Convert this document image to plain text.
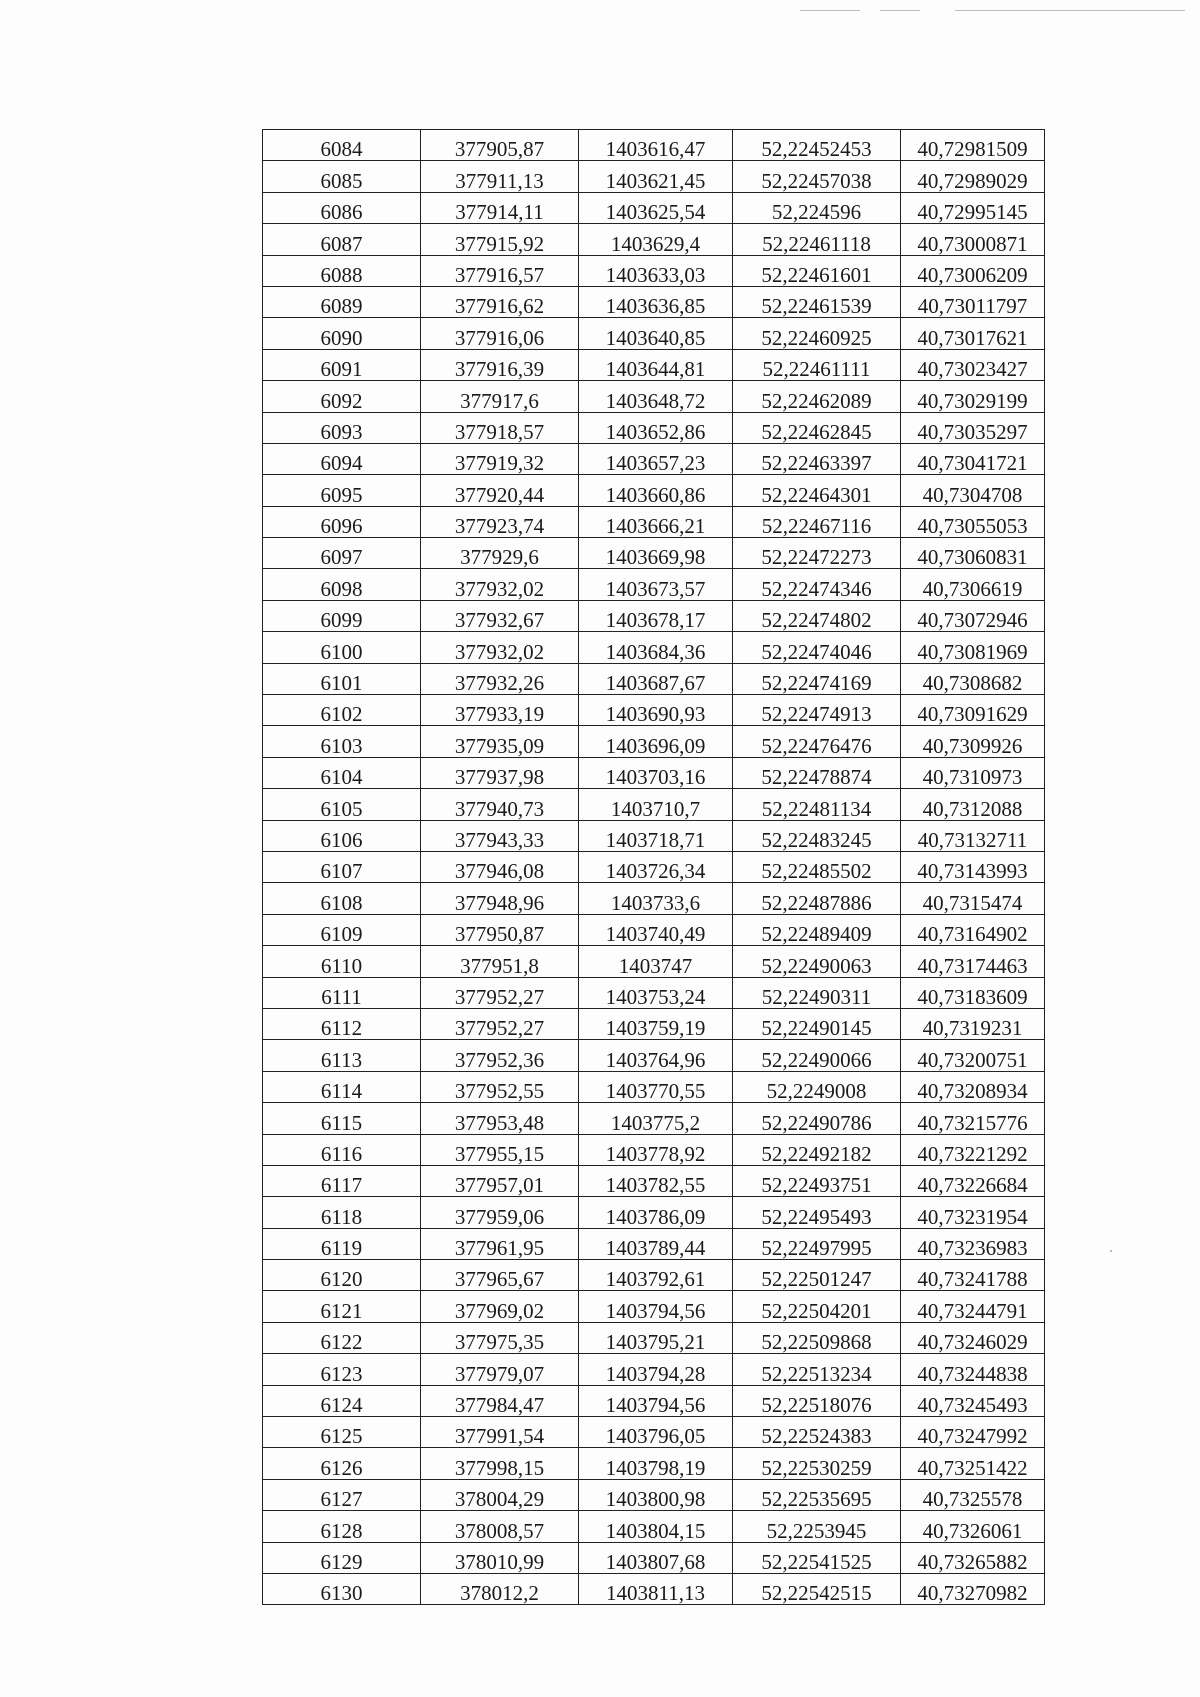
6084	377905,87	1403616,47	52,22452453	40,72981509
6085	377911,13	1403621,45	52,22457038	40,72989029
6086	377914,11	1403625,54	52,224596	40,72995145
6087	377915,92	1403629,4	52,22461118	40,73000871
6088	377916,57	1403633,03	52,22461601	40,73006209
6089	377916,62	1403636,85	52,22461539	40,73011797
6090	377916,06	1403640,85	52,22460925	40,73017621
6091	377916,39	1403644,81	52,22461111	40,73023427
6092	377917,6	1403648,72	52,22462089	40,73029199
6093	377918,57	1403652,86	52,22462845	40,73035297
6094	377919,32	1403657,23	52,22463397	40,73041721
6095	377920,44	1403660,86	52,22464301	40,7304708
6096	377923,74	1403666,21	52,22467116	40,73055053
6097	377929,6	1403669,98	52,22472273	40,73060831
6098	377932,02	1403673,57	52,22474346	40,7306619
6099	377932,67	1403678,17	52,22474802	40,73072946
6100	377932,02	1403684,36	52,22474046	40,73081969
6101	377932,26	1403687,67	52,22474169	40,7308682
6102	377933,19	1403690,93	52,22474913	40,73091629
6103	377935,09	1403696,09	52,22476476	40,7309926
6104	377937,98	1403703,16	52,22478874	40,7310973
6105	377940,73	1403710,7	52,22481134	40,7312088
6106	377943,33	1403718,71	52,22483245	40,73132711
6107	377946,08	1403726,34	52,22485502	40,73143993
6108	377948,96	1403733,6	52,22487886	40,7315474
6109	377950,87	1403740,49	52,22489409	40,73164902
6110	377951,8	1403747	52,22490063	40,73174463
6111	377952,27	1403753,24	52,22490311	40,73183609
6112	377952,27	1403759,19	52,22490145	40,7319231
6113	377952,36	1403764,96	52,22490066	40,73200751
6114	377952,55	1403770,55	52,2249008	40,73208934
6115	377953,48	1403775,2	52,22490786	40,73215776
6116	377955,15	1403778,92	52,22492182	40,73221292
6117	377957,01	1403782,55	52,22493751	40,73226684
6118	377959,06	1403786,09	52,22495493	40,73231954
6119	377961,95	1403789,44	52,22497995	40,73236983
6120	377965,67	1403792,61	52,22501247	40,73241788
6121	377969,02	1403794,56	52,22504201	40,73244791
6122	377975,35	1403795,21	52,22509868	40,73246029
6123	377979,07	1403794,28	52,22513234	40,73244838
6124	377984,47	1403794,56	52,22518076	40,73245493
6125	377991,54	1403796,05	52,22524383	40,73247992
6126	377998,15	1403798,19	52,22530259	40,73251422
6127	378004,29	1403800,98	52,22535695	40,7325578
6128	378008,57	1403804,15	52,2253945	40,7326061
6129	378010,99	1403807,68	52,22541525	40,73265882
6130	378012,2	1403811,13	52,22542515	40,73270982
